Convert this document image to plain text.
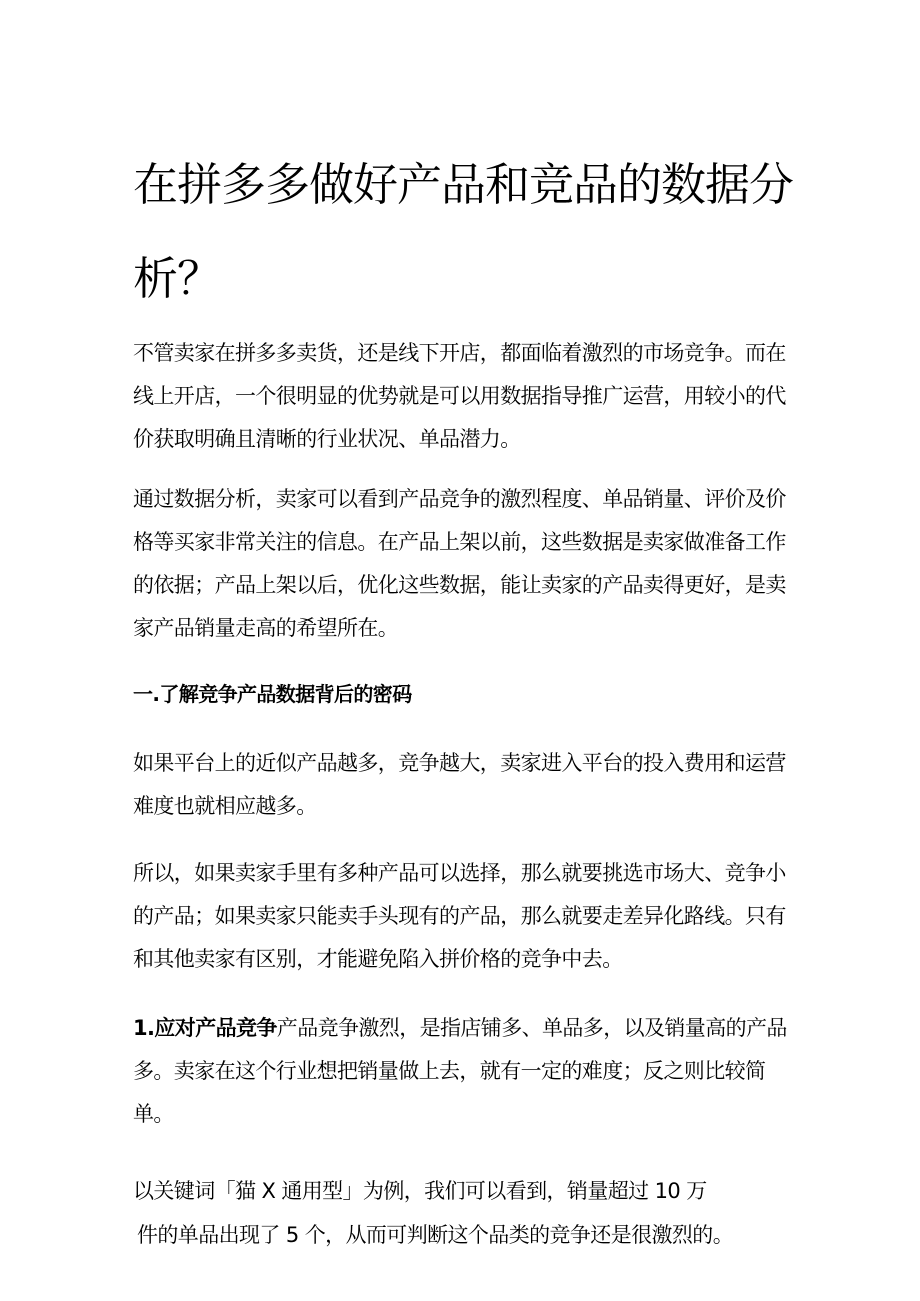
在拼多多做好产品和竞品的数据分析？

不管卖家在拼多多卖货，还是线下开店，都面临着激烈的市场竞争。而在线上开店，一个很明显的优势就是可以用数据指导推广运营，用较小的代价获取明确且清晰的行业状况、单品潜力。

通过数据分析，卖家可以看到产品竞争的激烈程度、单品销量、评价及价格等买家非常关注的信息。在产品上架以前，这些数据是卖家做准备工作的依据；产品上架以后，优化这些数据，能让卖家的产品卖得更好，是卖家产品销量走高的希望所在。

一.了解竞争产品数据背后的密码

如果平台上的近似产品越多，竞争越大，卖家进入平台的投入费用和运营难度也就相应越多。

所以，如果卖家手里有多种产品可以选择，那么就要挑选市场大、竞争小的产品；如果卖家只能卖手头现有的产品，那么就要走差异化路线。只有和其他卖家有区别，才能避免陷入拼价格的竞争中去。

1.应对产品竞争产品竞争激烈，是指店铺多、单品多，以及销量高的产品多。卖家在这个行业想把销量做上去，就有一定的难度；反之则比较简单。

以关键词「猫 X 通用型」为例，我们可以看到，销量超过 10 万
件的单品出现了 5 个，从而可判断这个品类的竞争还是很激烈的。
